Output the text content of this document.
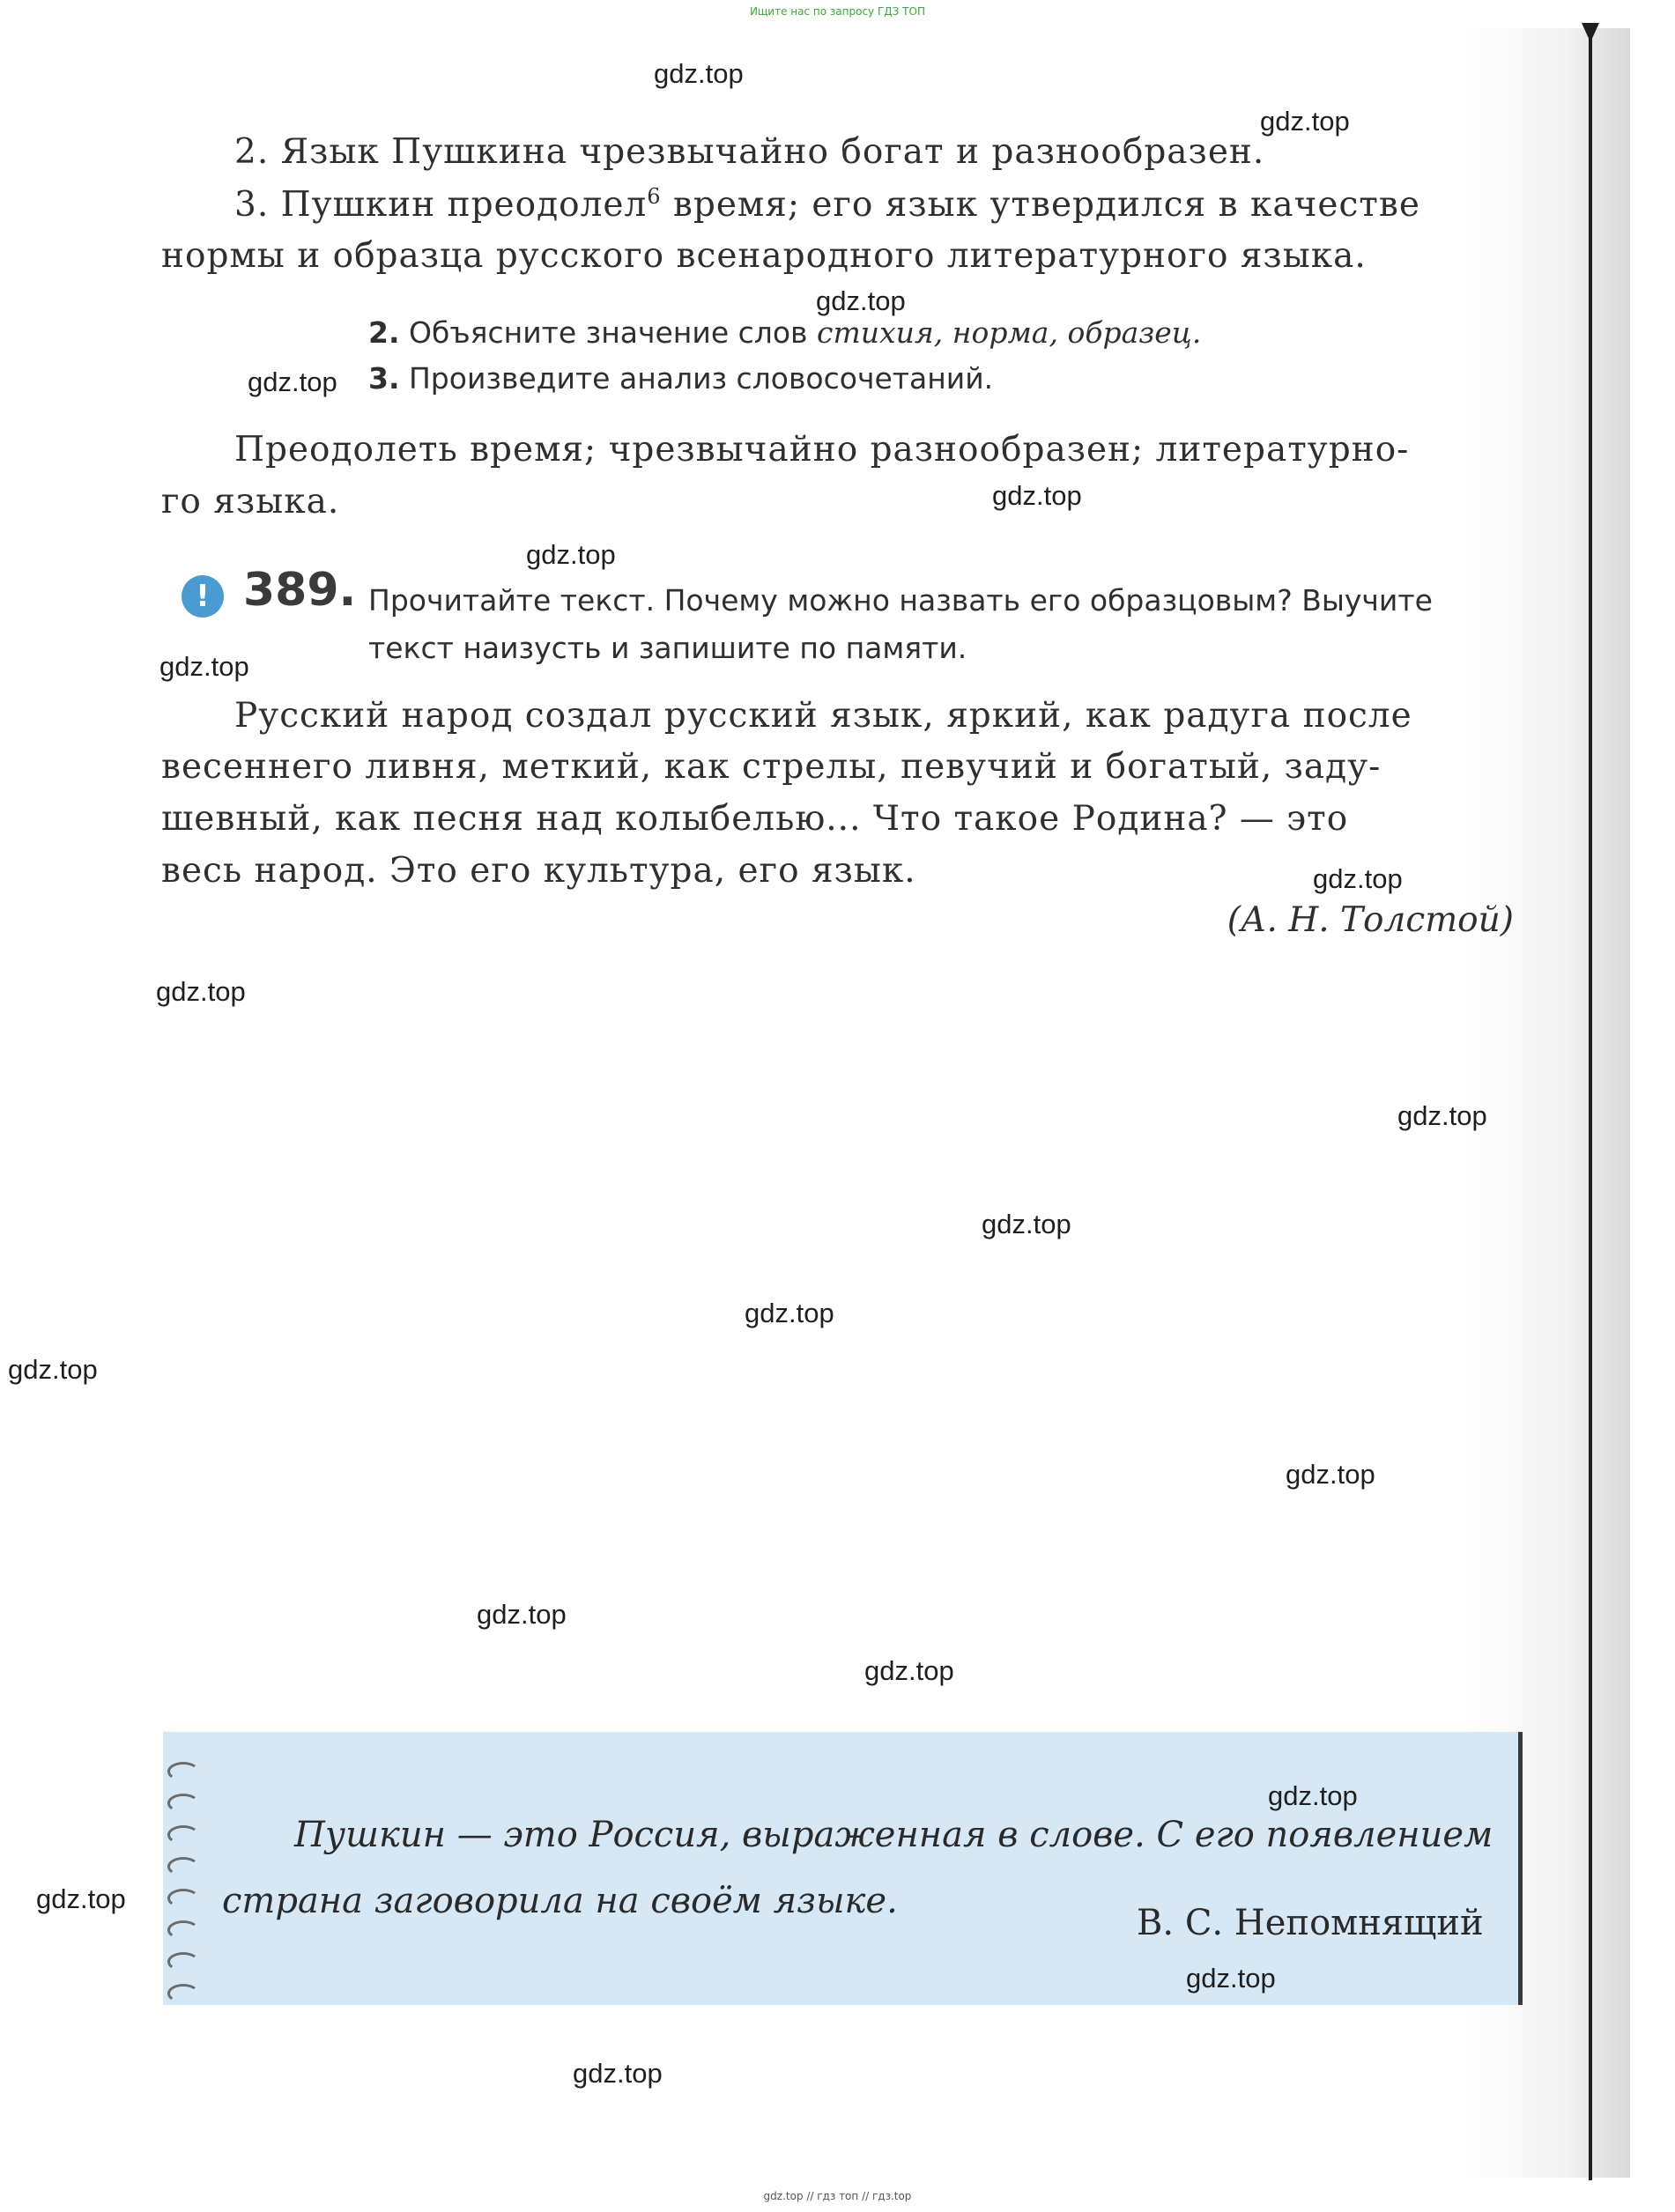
Ищите нас по запросу ГДЗ ТОП
2. Язык Пушкина чрезвычайно богат и разнообразен.
3. Пушкин преодолел$^6$ время; его язык утвердился в качестве
нормы и образца русского всенародного литературного языка.
2. Объясните значение слов стихия, норма, образец.
3. Произведите анализ словосочетаний.
Преодолеть время; чрезвычайно разнообразен; литературно-
го языка.
! 389. Прочитайте текст. Почему можно назвать его образцовым? Выучите
текст наизусть и запишите по памяти.
Русский народ создал русский язык, яркий, как радуга после
весеннего ливня, меткий, как стрелы, певучий и богатый, заду-
шевный, как песня над колыбелью... Что такое Родина? — это
весь народ. Это его культура, его язык.
(А. Н. Толстой)
Пушкин — это Россия, выраженная в слове. С его появлением
страна заговорила на своём языке.
В. С. Непомнящий
gdz.top
gdz.top
gdz.top
gdz.top
gdz.top
gdz.top
gdz.top
gdz.top
gdz.top
gdz.top
gdz.top
gdz.top
gdz.top
gdz.top
gdz.top
gdz.top
gdz.top
gdz.top
gdz.top
gdz.top
gdz.top // гдз топ // гдз.top
